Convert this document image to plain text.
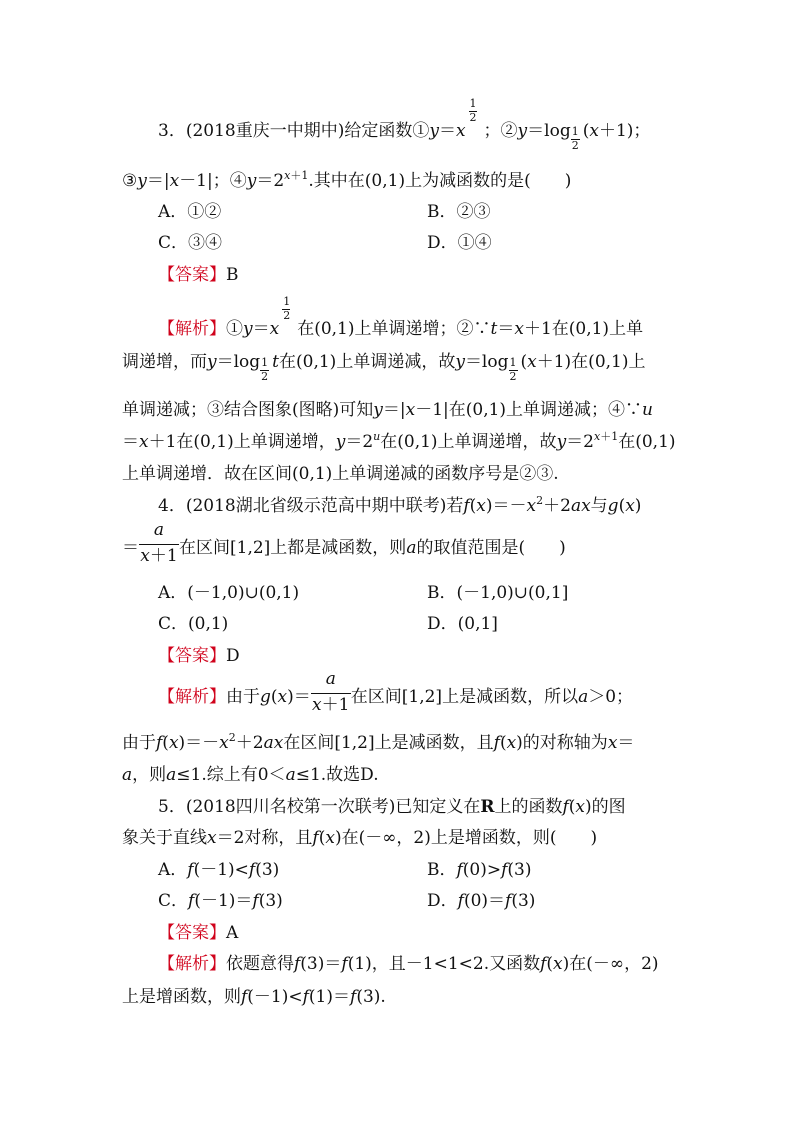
3．(2018重庆一中期中)给定函数①y＝x $\frac{1}{2}$ ；②y＝log $\frac{1}{2} (x+1)$；
③y＝|x－1|；$④y=2^{x+1}$.其中在(0,1)上为减函数的是(　　)
A．①②	B．②③
C．③④	D．①④
【答案】B
【解析】①y＝x $\frac{1}{2}$ 在(0,1)上单调递增；②∵t＝x＋1在(0,1)上单
调递增，而$y=\log \frac{1}{2}$ t在(0,1)上单调递减，故$y=\log \frac{1}{2} (x+1)$在(0,1)上
单调递减；③结合图象(图略)可知y＝|x－1|在(0,1)上单调递减；④∵u
＝x＋1在(0,1)上单调递增，$y=2^u$在(0,1)上单调递增，故$y=2^{x+1}$在(0,1)
上单调递增．故在区间(0,1)上单调递减的函数序号是②③.
4．(2018湖北省级示范高中期中联考)若$f(x)=-x^2+2ax$与g(x)
＝ $\frac{a}{x+1}$ 在区间[1,2]上都是减函数，则a的取值范围是(　　)
A．(－1,0)∪(0,1)	B．(－1,0)∪(0,1]
C．(0,1)	D．(0,1]
【答案】D
【解析】由于$g(x)= \frac{a}{x+1}$ 在区间[1,2]上是减函数，所以a＞0；
由于$f(x)=-x^2+2ax$在区间[1,2]上是减函数，且f(x)的对称轴为x＝
a，则a≤1.综上有0＜a≤1.故选D.
5．(2018四川名校第一次联考)已知定义在R上的函数f(x)的图
象关于直线x＝2对称，且f(x)在(－∞，2)上是增函数，则(　　)
A．f(－1)<f(3)	B．f(0)>f(3)
C．f(－1)＝f(3)	D．f(0)＝f(3)
【答案】A
【解析】依题意得f(3)＝f(1)，且－1<1<2.又函数f(x)在(－∞，2)
上是增函数，则f(－1)<f(1)＝f(3).
